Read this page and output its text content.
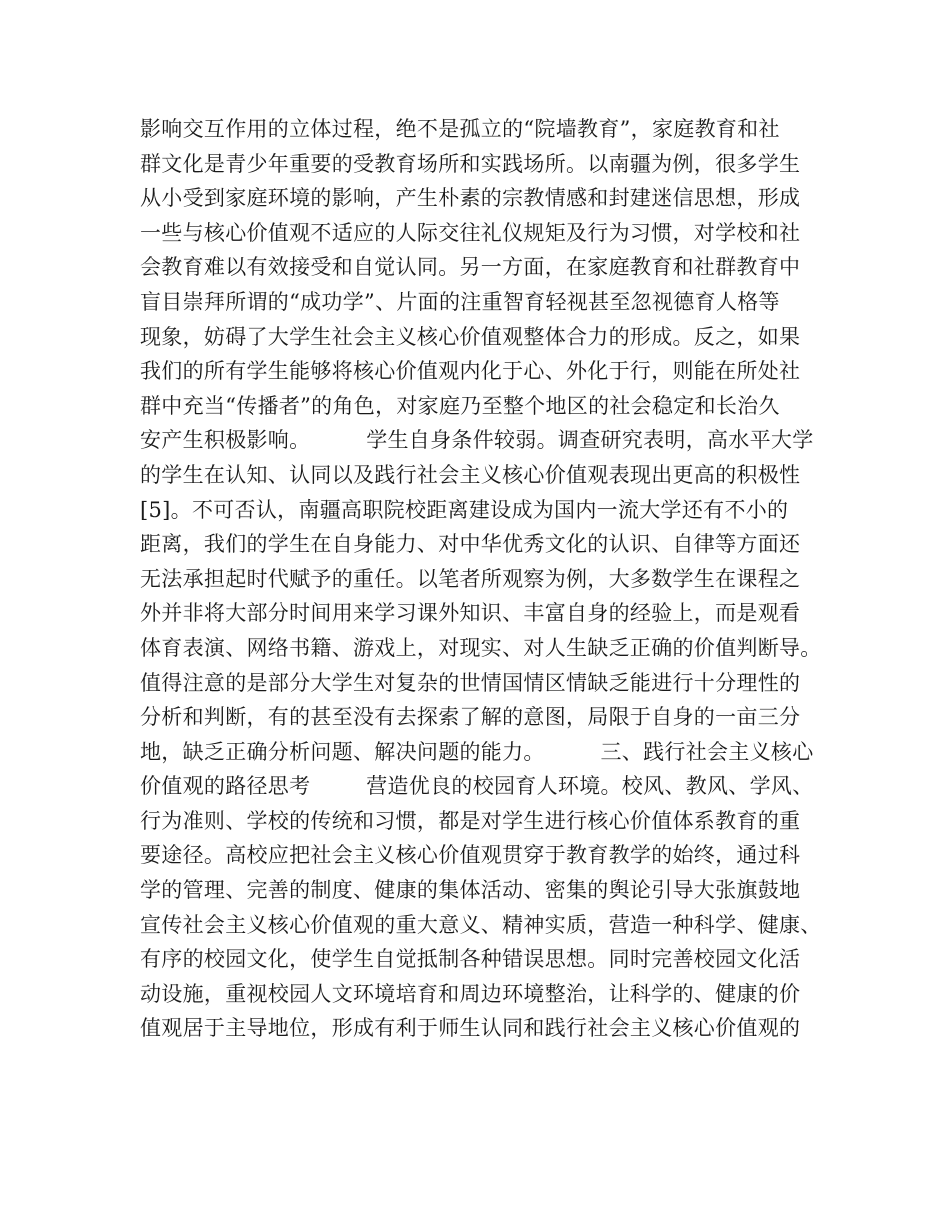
影响交互作用的立体过程，绝不是孤立的“院墙教育”，家庭教育和社
群文化是青少年重要的受教育场所和实践场所。以南疆为例，很多学生
从小受到家庭环境的影响，产生朴素的宗教情感和封建迷信思想，形成
一些与核心价值观不适应的人际交往礼仪规矩及行为习惯，对学校和社
会教育难以有效接受和自觉认同。另一方面，在家庭教育和社群教育中
盲目崇拜所谓的“成功学”、片面的注重智育轻视甚至忽视德育人格等
现象，妨碍了大学生社会主义核心价值观整体合力的形成。反之，如果
我们的所有学生能够将核心价值观内化于心、外化于行，则能在所处社
群中充当“传播者”的角色，对家庭乃至整个地区的社会稳定和长治久
安产生积极影响。        学生自身条件较弱。调查研究表明，高水平大学
的学生在认知、认同以及践行社会主义核心价值观表现出更高的积极性
[5]。不可否认，南疆高职院校距离建设成为国内一流大学还有不小的
距离，我们的学生在自身能力、对中华优秀文化的认识、自律等方面还
无法承担起时代赋予的重任。以笔者所观察为例，大多数学生在课程之
外并非将大部分时间用来学习课外知识、丰富自身的经验上，而是观看
体育表演、网络书籍、游戏上，对现实、对人生缺乏正确的价值判断导。
值得注意的是部分大学生对复杂的世情国情区情缺乏能进行十分理性的
分析和判断，有的甚至没有去探索了解的意图，局限于自身的一亩三分
地，缺乏正确分析问题、解决问题的能力。        三、践行社会主义核心
价值观的路径思考        营造优良的校园育人环境。校风、教风、学风、
行为准则、学校的传统和习惯，都是对学生进行核心价值体系教育的重
要途径。高校应把社会主义核心价值观贯穿于教育教学的始终，通过科
学的管理、完善的制度、健康的集体活动、密集的舆论引导大张旗鼓地
宣传社会主义核心价值观的重大意义、精神实质，营造一种科学、健康、
有序的校园文化，使学生自觉抵制各种错误思想。同时完善校园文化活
动设施，重视校园人文环境培育和周边环境整治，让科学的、健康的价
值观居于主导地位，形成有利于师生认同和践行社会主义核心价值观的
